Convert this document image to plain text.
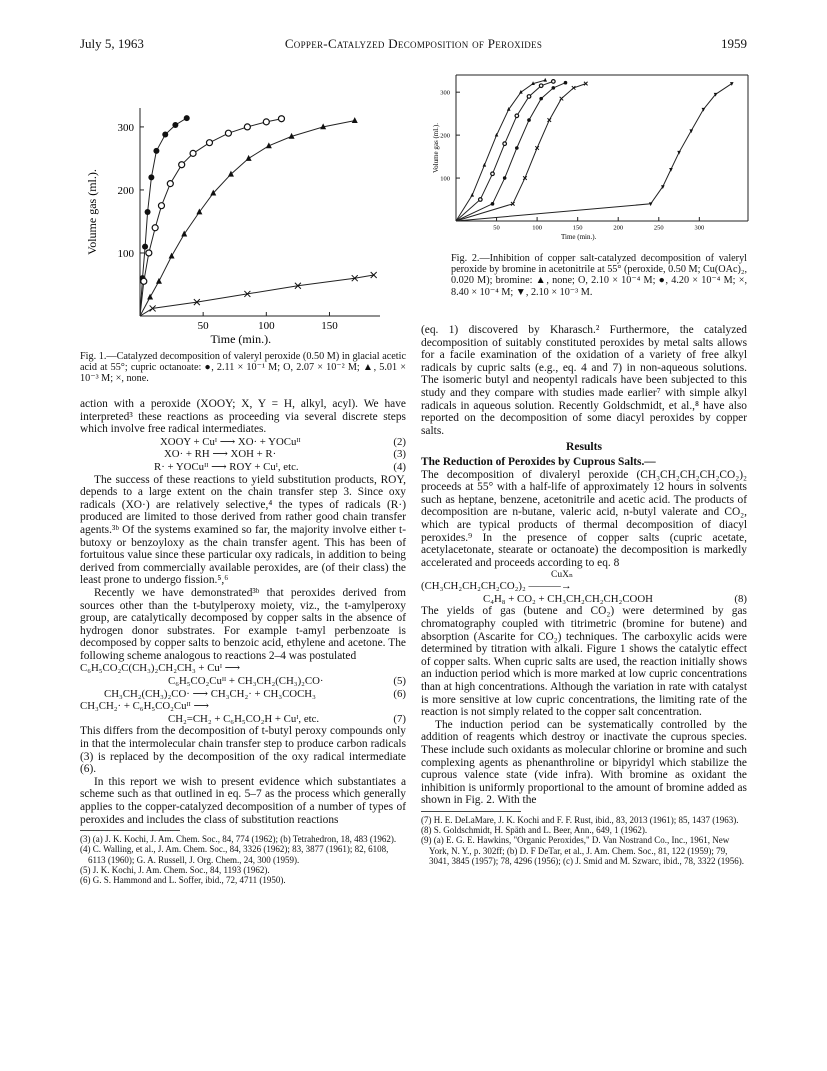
July 5, 1963	Copper-Catalyzed Decomposition of Peroxides	1959
300
200
100
50	100	150
Time (min.).
Volume gas (ml.).
Fig. 1.—Catalyzed decomposition of valeryl peroxide (0.50 M) in glacial acetic acid at 55°; cupric octanoate: ●, 2.11 × 10⁻¹ M; O, 2.07 × 10⁻² M; ▲, 5.01 × 10⁻³ M; ×, none.
300
200
100
50	100	150	200	250	300
Time (min.).
Volume gas (ml.).
Fig. 2.—Inhibition of copper salt-catalyzed decomposition of valeryl peroxide by bromine in acetonitrile at 55° (peroxide, 0.50 M; Cu(OAc)₂, 0.020 M); bromine: ▲, none; O, 2.10 × 10⁻⁴ M; ●, 4.20 × 10⁻⁴ M; ×, 8.40 × 10⁻⁴ M; ▼, 2.10 × 10⁻³ M.

action with a peroxide (XOOY; X, Y = H, alkyl, acyl). We have interpreted³ these reactions as proceeding via several discrete steps which involve free radical intermediates.

XOOY + Cuᴵ ⟶ XO· + YOCuᴵᴵ	(2)
XO· + RH ⟶ XOH + R·	(3)
R· + YOCuᴵᴵ ⟶ ROY + Cuᴵ, etc.	(4)

The success of these reactions to yield substitution products, ROY, depends to a large extent on the chain transfer step 3. Since oxy radicals (XO·) are relatively selective,⁴ the types of radicals (R·) produced are limited to those derived from rather good chain transfer agents.³ᵇ Of the systems examined so far, the majority involve either t-butoxy or benzoyloxy as the chain transfer agent. This has been of fortuitous value since these particular oxy radicals, in addition to being derived from commercially available peroxides, are (of their class) the least prone to undergo fission.⁵,⁶

Recently we have demonstrated³ᵇ that peroxides derived from sources other than the t-butylperoxy moiety, viz., the t-amylperoxy group, are catalytically decomposed by copper salts in the absence of hydrogen donor substrates. For example t-amyl perbenzoate is decomposed by copper salts to benzoic acid, ethylene and acetone. The following scheme analogous to reactions 2–4 was postulated

C₆H₅CO₂C(CH₃)₂CH₂CH₃ + Cuᴵ ⟶
C₆H₅CO₂Cuᴵᴵ + CH₃CH₂(CH₃)₂CO·	(5)
CH₃CH₂(CH₃)₂CO· ⟶ CH₃CH₂· + CH₃COCH₃	(6)
CH₃CH₂· + C₆H₅CO₂Cuᴵᴵ ⟶
CH₂=CH₂ + C₆H₅CO₂H + Cuᴵ, etc.	(7)

This differs from the decomposition of t-butyl peroxy compounds only in that the intermolecular chain transfer step to produce carbon radicals (3) is replaced by the decomposition of the oxy radical intermediate (6).

In this report we wish to present evidence which substantiates a scheme such as that outlined in eq. 5–7 as the process which generally applies to the copper-catalyzed decomposition of a number of types of peroxides and includes the class of substitution reactions

(3) (a) J. K. Kochi, J. Am. Chem. Soc., 84, 774 (1962); (b) Tetrahedron, 18, 483 (1962).
(4) C. Walling, et al., J. Am. Chem. Soc., 84, 3326 (1962); 83, 3877 (1961); 82, 6108, 6113 (1960); G. A. Russell, J. Org. Chem., 24, 300 (1959).
(5) J. K. Kochi, J. Am. Chem. Soc., 84, 1193 (1962).
(6) G. S. Hammond and L. Soffer, ibid., 72, 4711 (1950).

(eq. 1) discovered by Kharasch.² Furthermore, the catalyzed decomposition of suitably constituted peroxides by metal salts allows for a facile examination of the oxidation of a variety of free alkyl radicals by cupric salts (e.g., eq. 4 and 7) in non-aqueous solutions. The isomeric butyl and neopentyl radicals have been subjected to this study and they compare with studies made earlier⁷ with simple alkyl radicals in aqueous solution. Recently Goldschmidt, et al.,⁸ have also reported on the decomposition of some diacyl peroxides by copper salts.

Results

The Reduction of Peroxides by Cuprous Salts.—

The decomposition of divaleryl peroxide (CH₃CH₂CH₂CH₂CO₂)₂ proceeds at 55° with a half-life of approximately 12 hours in solvents such as heptane, benzene, acetonitrile and acetic acid. The products of decomposition are n-butane, valeric acid, n-butyl valerate and CO₂, which are typical products of thermal decomposition of diacyl peroxides.⁹ In the presence of copper salts (cupric acetate, acetylacetonate, stearate or octanoate) the decomposition is markedly accelerated and proceeds according to eq. 8

CuXₙ
(CH₃CH₂CH₂CH₂CO₂)₂ ———→
C₄H₈ + CO₂ + CH₃CH₂CH₂CH₂COOH	(8)

The yields of gas (butene and CO₂) were determined by gas chromatography coupled with titrimetric (bromine for butene) and absorption (Ascarite for CO₂) techniques. The carboxylic acids were determined by titration with alkali. Figure 1 shows the catalytic effect of copper salts. When cupric salts are used, the reaction initially shows an induction period which is more marked at low cupric concentrations than at high concentrations. Although the variation in rate with catalyst is more sensitive at low cupric concentrations, the limiting rate of the reaction is not simply related to the copper salt concentration.

The induction period can be systematically controlled by the addition of reagents which destroy or inactivate the cuprous species. These include such oxidants as molecular chlorine or bromine and such complexing agents as phenanthroline or bipyridyl which stabilize the cuprous valence state (vide infra). With bromine as oxidant the inhibition is uniformly proportional to the amount of bromine added as shown in Fig. 2. With the

(7) H. E. DeLaMare, J. K. Kochi and F. F. Rust, ibid., 83, 2013 (1961); 85, 1437 (1963).
(8) S. Goldschmidt, H. Späth and L. Beer, Ann., 649, 1 (1962).
(9) (a) E. G. E. Hawkins, "Organic Peroxides," D. Van Nostrand Co., Inc., 1961, New York, N. Y., p. 302ff; (b) D. F DeTar, et al., J. Am. Chem. Soc., 81, 122 (1959); 79, 3041, 3845 (1957); 78, 4296 (1956); (c) J. Smid and M. Szwarc, ibid., 78, 3322 (1956).
